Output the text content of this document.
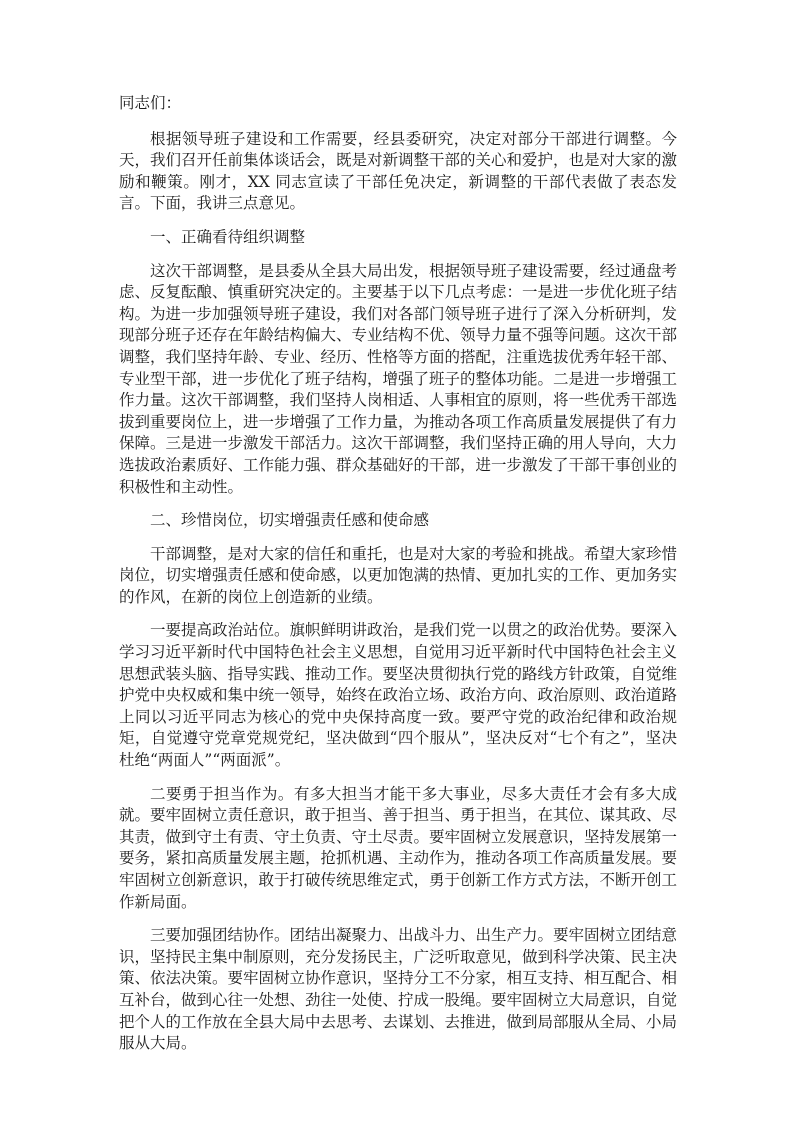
同志们：

根据领导班子建设和工作需要，经县委研究，决定对部分干部进行调整。今天，我们召开任前集体谈话会，既是对新调整干部的关心和爱护，也是对大家的激励和鞭策。刚才，XX 同志宣读了干部任免决定，新调整的干部代表做了表态发言。下面，我讲三点意见。

一、正确看待组织调整

这次干部调整，是县委从全县大局出发，根据领导班子建设需要，经过通盘考虑、反复酝酿、慎重研究决定的。主要基于以下几点考虑：一是进一步优化班子结构。为进一步加强领导班子建设，我们对各部门领导班子进行了深入分析研判，发现部分班子还存在年龄结构偏大、专业结构不优、领导力量不强等问题。这次干部调整，我们坚持年龄、专业、经历、性格等方面的搭配，注重选拔优秀年轻干部、专业型干部，进一步优化了班子结构，增强了班子的整体功能。二是进一步增强工作力量。这次干部调整，我们坚持人岗相适、人事相宜的原则，将一些优秀干部选拔到重要岗位上，进一步增强了工作力量，为推动各项工作高质量发展提供了有力保障。三是进一步激发干部活力。这次干部调整，我们坚持正确的用人导向，大力选拔政治素质好、工作能力强、群众基础好的干部，进一步激发了干部干事创业的积极性和主动性。

二、珍惜岗位，切实增强责任感和使命感

干部调整，是对大家的信任和重托，也是对大家的考验和挑战。希望大家珍惜岗位，切实增强责任感和使命感，以更加饱满的热情、更加扎实的工作、更加务实的作风，在新的岗位上创造新的业绩。

一要提高政治站位。旗帜鲜明讲政治，是我们党一以贯之的政治优势。要深入学习习近平新时代中国特色社会主义思想，自觉用习近平新时代中国特色社会主义思想武装头脑、指导实践、推动工作。要坚决贯彻执行党的路线方针政策，自觉维护党中央权威和集中统一领导，始终在政治立场、政治方向、政治原则、政治道路上同以习近平同志为核心的党中央保持高度一致。要严守党的政治纪律和政治规矩，自觉遵守党章党规党纪，坚决做到“四个服从”，坚决反对“七个有之”，坚决杜绝“两面人”“两面派”。

二要勇于担当作为。有多大担当才能干多大事业，尽多大责任才会有多大成就。要牢固树立责任意识，敢于担当、善于担当、勇于担当，在其位、谋其政、尽其责，做到守土有责、守土负责、守土尽责。要牢固树立发展意识，坚持发展第一要务，紧扣高质量发展主题，抢抓机遇、主动作为，推动各项工作高质量发展。要牢固树立创新意识，敢于打破传统思维定式，勇于创新工作方式方法，不断开创工作新局面。

三要加强团结协作。团结出凝聚力、出战斗力、出生产力。要牢固树立团结意识，坚持民主集中制原则，充分发扬民主，广泛听取意见，做到科学决策、民主决策、依法决策。要牢固树立协作意识，坚持分工不分家，相互支持、相互配合、相互补台，做到心往一处想、劲往一处使、拧成一股绳。要牢固树立大局意识，自觉把个人的工作放在全县大局中去思考、去谋划、去推进，做到局部服从全局、小局服从大局。
